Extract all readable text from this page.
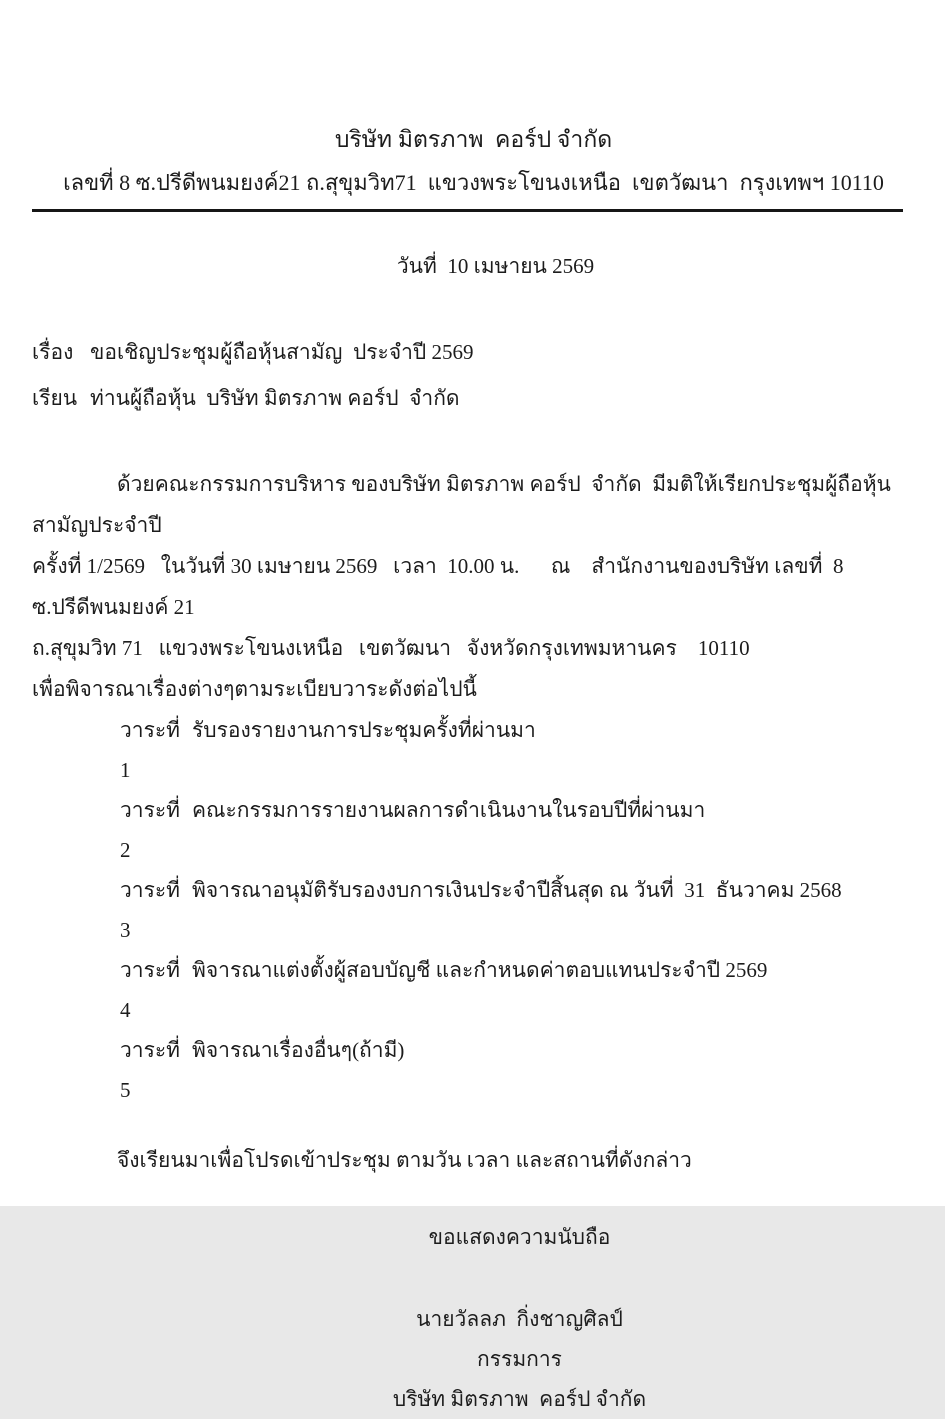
บริษัท มิตรภาพ  คอร์ป จำกัด
เลขที่ 8 ซ.ปรีดีพนมยงค์21 ถ.สุขุมวิท71  แขวงพระโขนงเหนือ  เขตวัฒนา  กรุงเทพฯ 10110
วันที่  10 เมษายน 2569
เรื่อง ขอเชิญประชุมผู้ถือหุ้นสามัญ  ประจำปี 2569
เรียน ท่านผู้ถือหุ้น  บริษัท มิตรภาพ คอร์ป  จำกัด
ด้วยคณะกรรมการบริหาร ของบริษัท มิตรภาพ คอร์ป  จำกัด  มีมติให้เรียกประชุมผู้ถือหุ้นสามัญประจำปี
ครั้งที่ 1/2569   ในวันที่ 30 เมษายน 2569   เวลา  10.00 น.      ณ    สำนักงานของบริษัท เลขที่  8   ซ.ปรีดีพนมยงค์ 21
ถ.สุขุมวิท 71   แขวงพระโขนงเหนือ   เขตวัฒนา   จังหวัดกรุงเทพมหานคร    10110
เพื่อพิจารณาเรื่องต่างๆตามระเบียบวาระดังต่อไปนี้
วาระที่ 1
รับรองรายงานการประชุมครั้งที่ผ่านมา
วาระที่ 2
คณะกรรมการรายงานผลการดำเนินงานในรอบปีที่ผ่านมา
วาระที่ 3
พิจารณาอนุมัติรับรองงบการเงินประจำปีสิ้นสุด ณ วันที่  31  ธันวาคม 2568
วาระที่ 4
พิจารณาแต่งตั้งผู้สอบบัญชี และกำหนดค่าตอบแทนประจำปี 2569
วาระที่ 5
พิจารณาเรื่องอื่นๆ(ถ้ามี)
จึงเรียนมาเพื่อโปรดเข้าประชุม ตามวัน เวลา และสถานที่ดังกล่าว
ขอแสดงความนับถือ
นายวัลลภ  กิ่งชาญศิลป์
กรรมการ
บริษัท มิตรภาพ  คอร์ป จำกัด
